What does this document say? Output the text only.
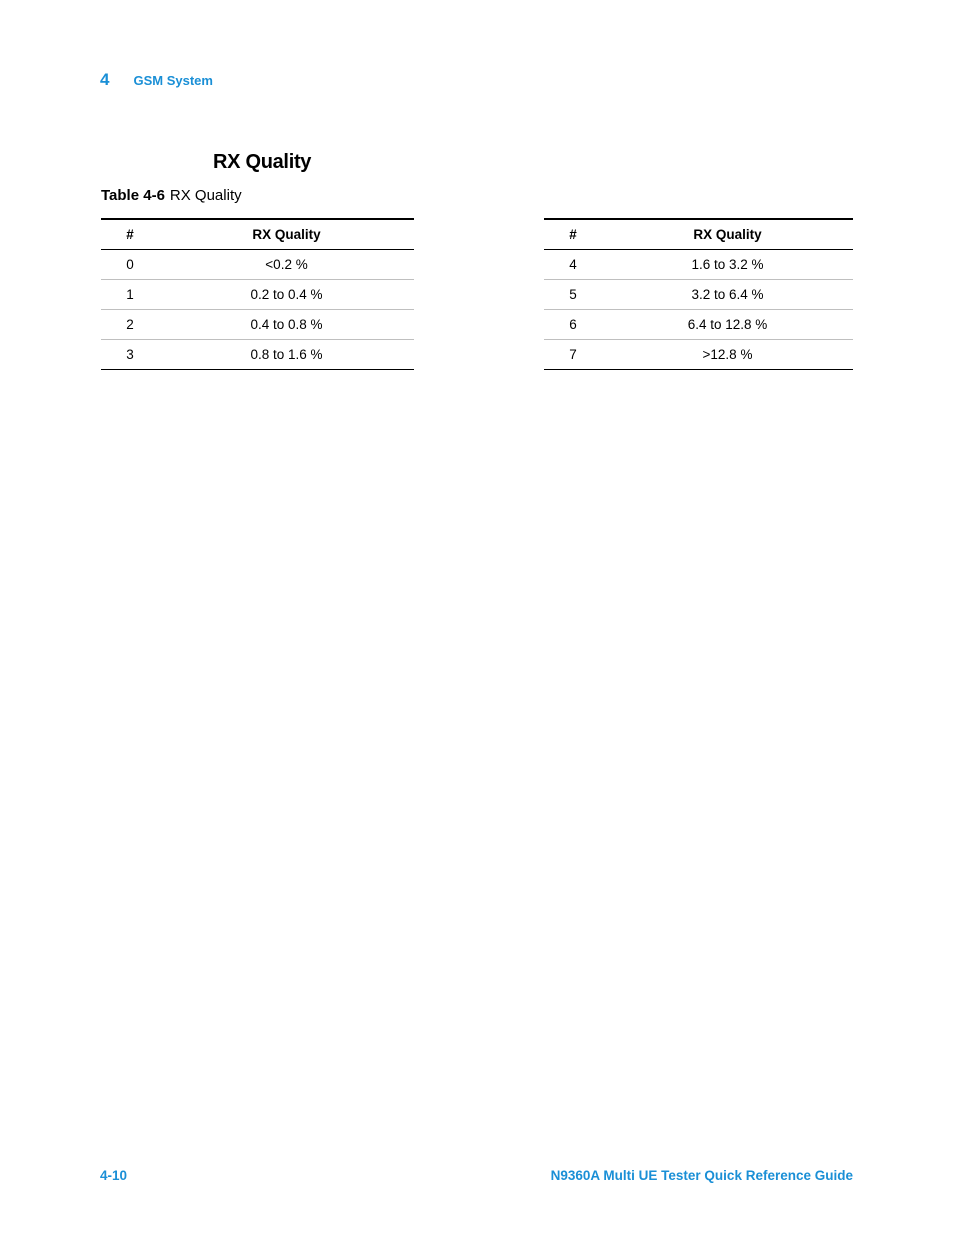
4 GSM System
RX Quality
Table 4-6 RX Quality
#	RX Quality
0	<0.2 %
1	0.2 to 0.4 %
2	0.4 to 0.8 %
3	0.8 to 1.6 %
#	RX Quality
4	1.6 to 3.2 %
5	3.2 to 6.4 %
6	6.4 to 12.8 %
7	>12.8 %
4-10	N9360A Multi UE Tester Quick Reference Guide
